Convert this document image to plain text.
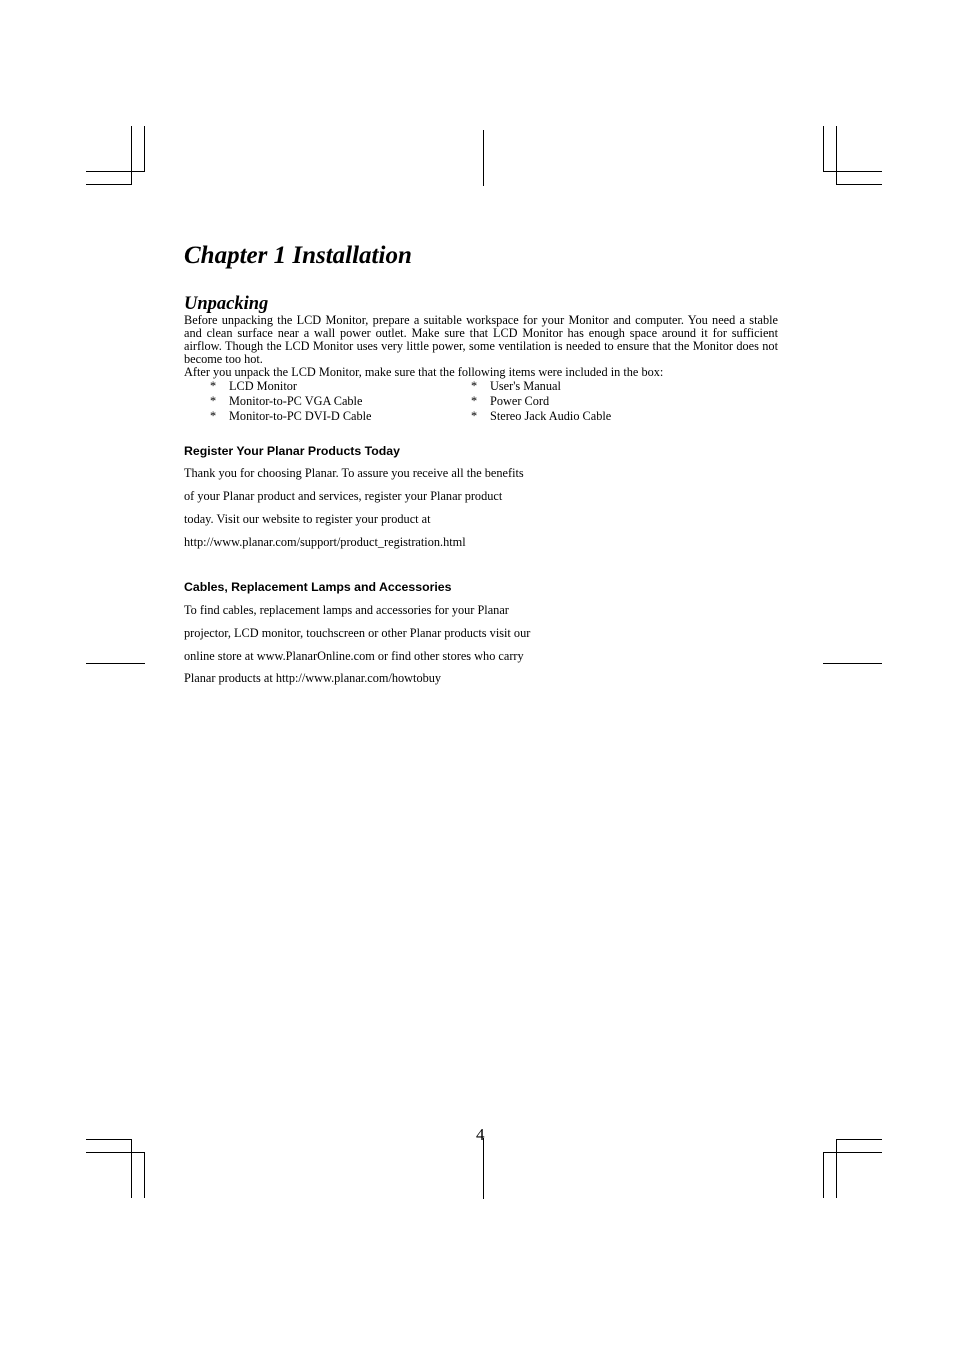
Chapter 1 Installation
Unpacking

Before unpacking the LCD Monitor, prepare a suitable workspace for your Monitor and computer. You need a stable and clean surface near a wall power outlet. Make sure that LCD Monitor has enough space around it for sufficient airflow. Though the LCD Monitor uses very little power, some ventilation is needed to ensure that the Monitor does not become too hot.

After you unpack the LCD Monitor, make sure that the following items were included in the box:

* LCD Monitor
* Monitor-to-PC VGA Cable
* Monitor-to-PC DVI-D Cable
* User's Manual
* Power Cord
* Stereo Jack Audio Cable
Register Your Planar Products Today

Thank you for choosing Planar. To assure you receive all the benefits

of your Planar product and services, register your Planar product

today. Visit our website to register your product at

http://www.planar.com/support/product_registration.html

Cables, Replacement Lamps and Accessories

To find cables, replacement lamps and accessories for your Planar

projector, LCD monitor, touchscreen or other Planar products visit our

online store at www.PlanarOnline.com or find other stores who carry

Planar products at http://www.planar.com/howtobuy

4
